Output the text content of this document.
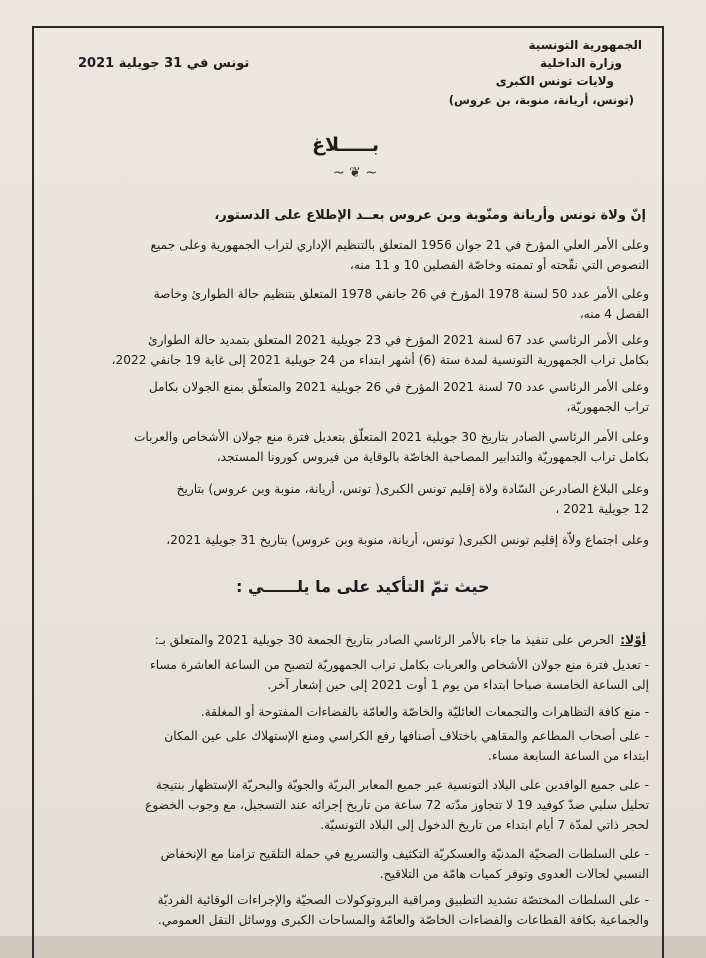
الجمهورية التونسية
وزارة الداخلية
ولايات تونس الكبرى
(تونس، أريانة، منوبة، بن عروس)
تونس في 31 جويلية 2021
بـــــلاغ
~ ❦ ~
إنّ ولاة تونس وأريانة ومنّوبة وبن عروس بعــد الإطلاع على الدستور،
وعلى الأمر العلي المؤرخ في 21 جوان 1956 المتعلق بالتنظيم الإداري لتراب الجمهورية وعلى جميع
النصوص التي نقّحته أو تممته وخاصّة الفصلين 10 و 11 منه،
وعلى الأمر عدد 50 لسنة 1978 المؤرخ في 26 جانفي 1978 المتعلق بتنظيم حالة الطوارئ وخاصة
الفصل 4 منه،
وعلى الأمر الرئاسي عدد 67 لسنة 2021 المؤرخ في 23 جويلية 2021 المتعلق بتمديد حالة الطوارئ
بكامل تراب الجمهورية التونسية لمدة ستة (6) أشهر ابتداء من 24 جويلية 2021 إلى غاية 19 جانفي 2022،
وعلى الأمر الرئاسي عدد 70 لسنة 2021 المؤرخ في 26 جويلية 2021 والمتعلّق بمنع الجولان بكامل
تراب الجمهوريّة،
وعلى الأمر الرئاسي الصادر بتاريخ 30 جويلية 2021 المتعلّق بتعديل فترة منع جولان الأشخاص والعربات
بكامل تراب الجمهوريّة والتدابير المصاحبة الخاصّة بالوقاية من فيروس كورونا المستجد،
وعلى البلاغ الصادرعن السّادة ولاة إقليم تونس الكبرى( تونس، أريانة، منوبة وبن عروس) بتاريخ
12 جويلية 2021 ،
وعلى اجتماع ولاّة إقليم تونس الكبرى( تونس، أريانة، منوبة وبن عروس) بتاريخ 31 جويلية 2021،
حيث تمّ التأكيد على ما يلــــــي :
أوّلا:
الحرص على تنفيذ ما جاء بالأمر الرئاسي الصادر بتاريخ الجمعة 30 جويلية 2021 والمتعلق بـ:
- تعديل فترة منع جولان الأشخاص والعربات بكامل تراب الجمهوريّة لتصبح من الساعة العاشرة مساء
إلى الساعة الخامسة صباحا ابتداء من يوم 1 أوت 2021 إلى حين إشعار آخر.
- منع كافة التظاهرات والتجمعات العائليّة والخاصّة والعامّة بالفضاءات المفتوحة أو المغلقة.
- على أصحاب المطاعم والمقاهي باختلاف أصنافها رفع الكراسي ومنع الإستهلاك على عين المكان
ابتداء من الساعة السابعة مساء.
- على جميع الوافدين على البلاد التونسية عبر جميع المعابر البريّة والجويّة والبحريّة الإستظهار بنتيجة
تحليل سلبي ضدّ كوفيد 19 لا تتجاوز مدّته 72 ساعة من تاريخ إجرائه عند التسجيل، مع وجوب الخضوع
لحجر ذاتي لمدّة 7 أيام ابتداء من تاريخ الدخول إلى البلاد التونسيّة.
- على السلطات الصحيّة المدنيّة والعسكريّة التكثيف والتسريع في حملة التلقيح تزامنا مع الإنخفاض
النسبي لحالات العدوى وتوفر كميات هامّة من التلاقيح.
- على السلطات المختصّة تشديد التطبيق ومراقبة البروتوكولات الصحيّة والإجراءات الوقائية الفرديّة
والجماعية بكافة القطاعات والفضاءات الخاصّة والعامّة والمساحات الكبرى ووسائل النقل العمومي.
